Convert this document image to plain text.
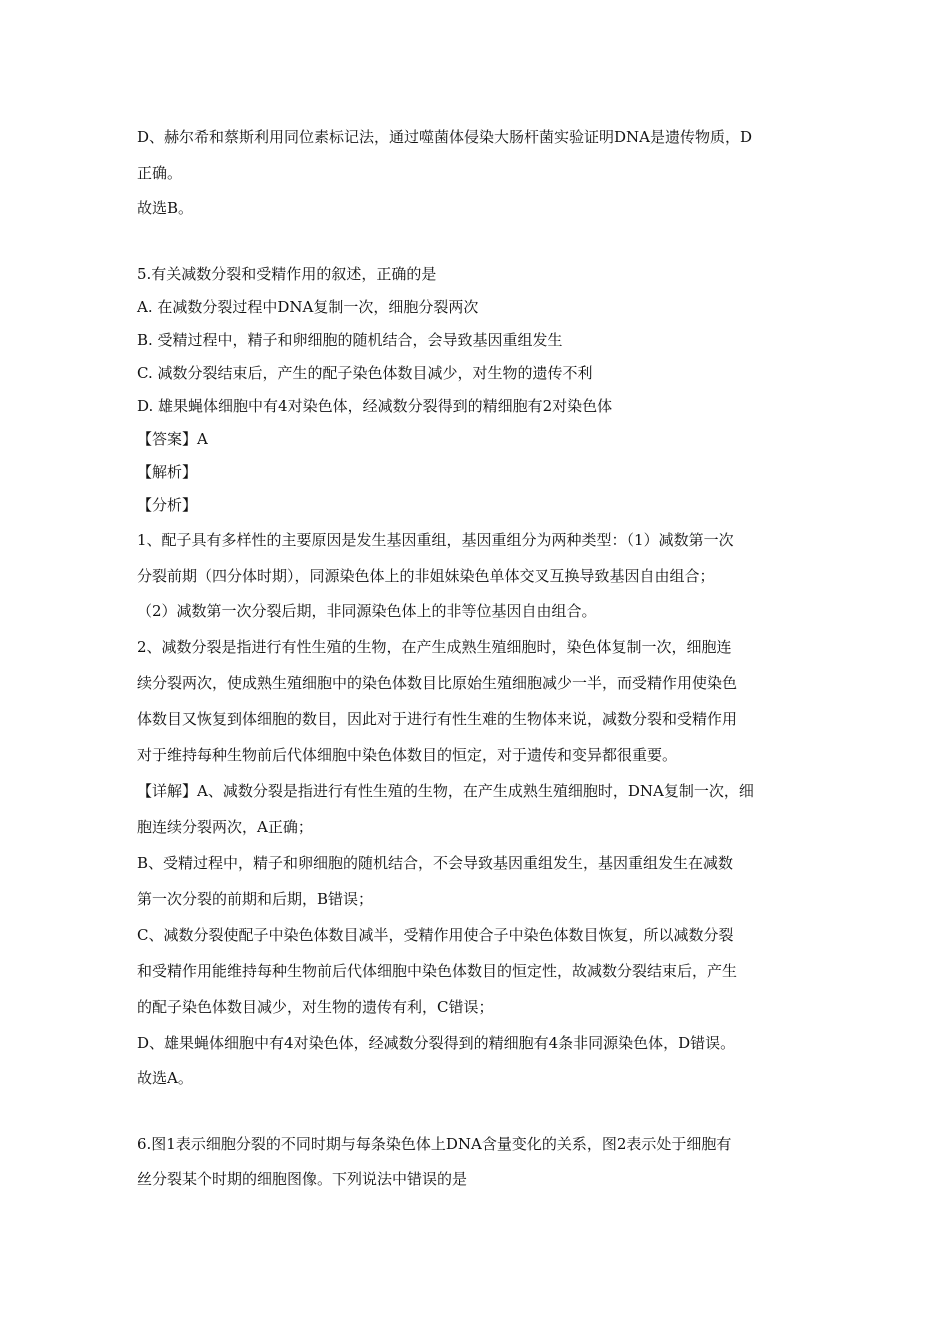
D、赫尔希和蔡斯利用同位素标记法，通过噬菌体侵染大肠杆菌实验证明DNA是遗传物质，D
正确。
故选B。
5.有关减数分裂和受精作用的叙述，正确的是
A. 在减数分裂过程中DNA复制一次，细胞分裂两次
B. 受精过程中，精子和卵细胞的随机结合，会导致基因重组发生
C. 减数分裂结束后，产生的配子染色体数目减少，对生物的遗传不利
D. 雄果蝇体细胞中有4对染色体，经减数分裂得到的精细胞有2对染色体
【答案】A
【解析】
【分析】
1、配子具有多样性的主要原因是发生基因重组，基因重组分为两种类型：（1）减数第一次
分裂前期（四分体时期），同源染色体上的非姐妹染色单体交叉互换导致基因自由组合；
（2）减数第一次分裂后期，非同源染色体上的非等位基因自由组合。
2、减数分裂是指进行有性生殖的生物，在产生成熟生殖细胞时，染色体复制一次，细胞连
续分裂两次，使成熟生殖细胞中的染色体数目比原始生殖细胞减少一半，而受精作用使染色
体数目又恢复到体细胞的数目，因此对于进行有性生难的生物体来说，减数分裂和受精作用
对于维持每种生物前后代体细胞中染色体数目的恒定，对于遗传和变异都很重要。
【详解】A、减数分裂是指进行有性生殖的生物，在产生成熟生殖细胞时，DNA复制一次，细
胞连续分裂两次，A正确；
B、受精过程中，精子和卵细胞的随机结合，不会导致基因重组发生，基因重组发生在减数
第一次分裂的前期和后期，B错误；
C、减数分裂使配子中染色体数目减半，受精作用使合子中染色体数目恢复，所以减数分裂
和受精作用能维持每种生物前后代体细胞中染色体数目的恒定性，故减数分裂结束后，产生
的配子染色体数目减少，对生物的遗传有利，C错误；
D、雄果蝇体细胞中有4对染色体，经减数分裂得到的精细胞有4条非同源染色体，D错误。
故选A。
6.图1表示细胞分裂的不同时期与每条染色体上DNA含量变化的关系，图2表示处于细胞有
丝分裂某个时期的细胞图像。下列说法中错误的是
